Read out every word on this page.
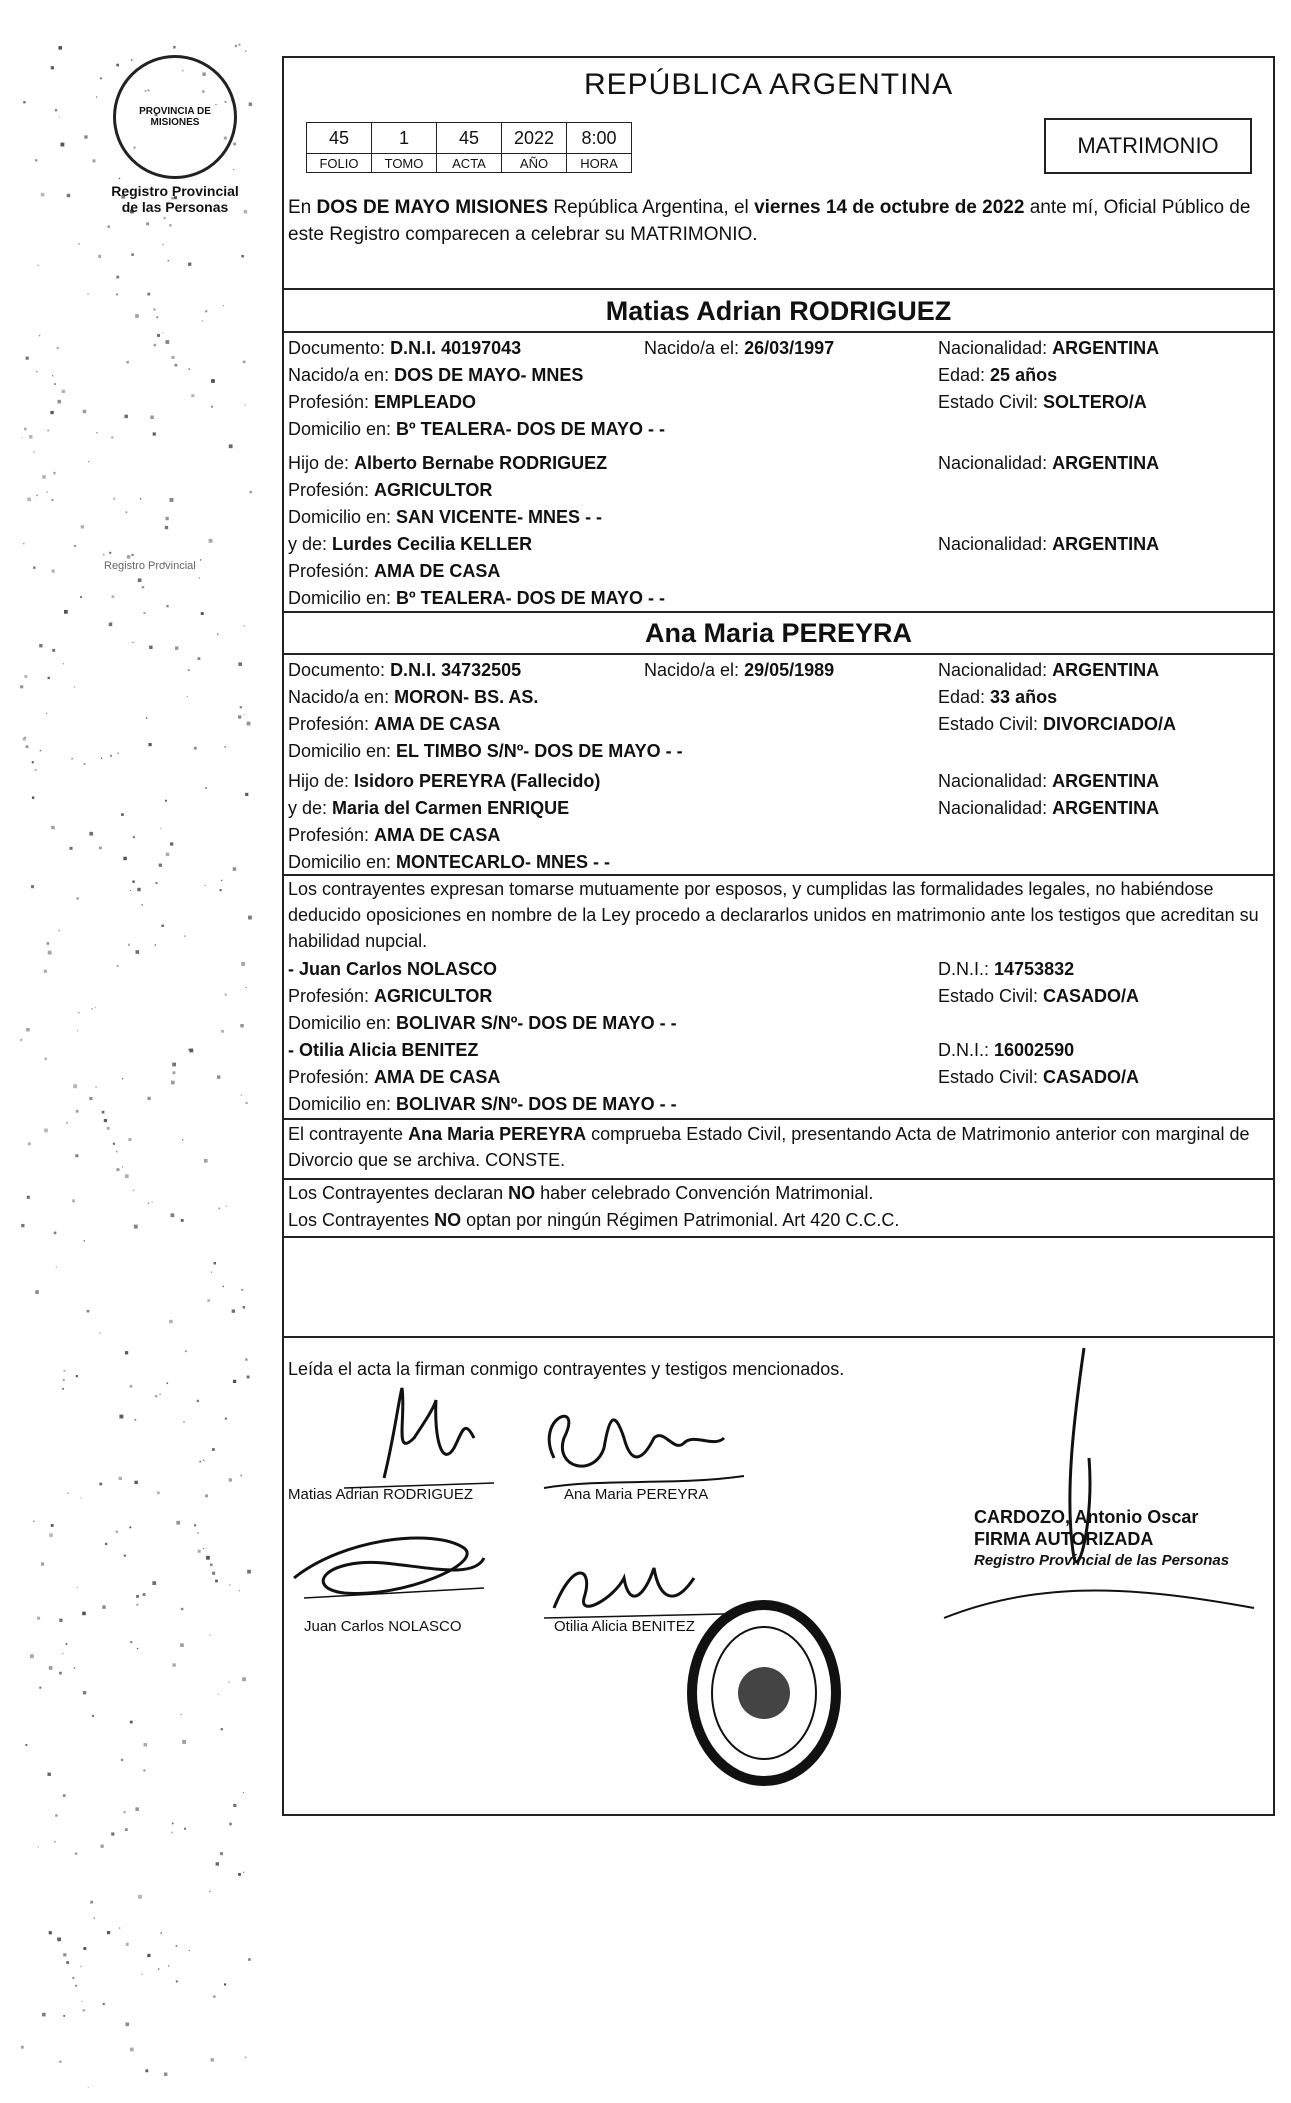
PROVINCIA DE MISIONES
Registro Provincial de las Personas
Registro Provincial
REPÚBLICA ARGENTINA
45	1	45	2022	8:00
FOLIO	TOMO	ACTA	AÑO	HORA
MATRIMONIO
En DOS DE MAYO MISIONES República Argentina, el viernes 14 de octubre de 2022 ante mí, Oficial Público de este Registro comparecen a celebrar su MATRIMONIO.
Matias Adrian RODRIGUEZ
Documento: D.N.I. 40197043	Nacido/a el: 26/03/1997	Nacionalidad: ARGENTINA
Nacido/a en: DOS DE MAYO- MNES	Edad: 25 años
Profesión: EMPLEADO	Estado Civil: SOLTERO/A
Domicilio en: Bº TEALERA- DOS DE MAYO - -
Hijo de: Alberto Bernabe RODRIGUEZ	Nacionalidad: ARGENTINA
Profesión: AGRICULTOR
Domicilio en: SAN VICENTE- MNES - -
y de: Lurdes Cecilia KELLER	Nacionalidad: ARGENTINA
Profesión: AMA DE CASA
Domicilio en: Bº TEALERA- DOS DE MAYO - -
Ana Maria PEREYRA
Documento: D.N.I. 34732505	Nacido/a el: 29/05/1989	Nacionalidad: ARGENTINA
Nacido/a en: MORON- BS. AS.	Edad: 33 años
Profesión: AMA DE CASA	Estado Civil: DIVORCIADO/A
Domicilio en: EL TIMBO S/Nº- DOS DE MAYO - -
Hijo de: Isidoro PEREYRA (Fallecido)	Nacionalidad: ARGENTINA
y de: Maria del Carmen ENRIQUE	Nacionalidad: ARGENTINA
Profesión: AMA DE CASA
Domicilio en: MONTECARLO- MNES - -
Los contrayentes expresan tomarse mutuamente por esposos, y cumplidas las formalidades legales, no habiéndose deducido oposiciones en nombre de la Ley procedo a declararlos unidos en matrimonio ante los testigos que acreditan su habilidad nupcial.
- Juan Carlos NOLASCO	D.N.I.: 14753832
Profesión: AGRICULTOR	Estado Civil: CASADO/A
Domicilio en: BOLIVAR S/Nº- DOS DE MAYO - -
- Otilia Alicia BENITEZ	D.N.I.: 16002590
Profesión: AMA DE CASA	Estado Civil: CASADO/A
Domicilio en: BOLIVAR S/Nº- DOS DE MAYO - -
El contrayente Ana Maria PEREYRA comprueba Estado Civil, presentando Acta de Matrimonio anterior con marginal de Divorcio que se archiva. CONSTE.
Los Contrayentes declaran NO haber celebrado Convención Matrimonial.
Los Contrayentes NO optan por ningún Régimen Patrimonial. Art 420 C.C.C.
Leída el acta la firman conmigo contrayentes y testigos mencionados.
Matias Adrian RODRIGUEZ	Ana Maria PEREYRA
Juan Carlos NOLASCO	Otilia Alicia BENITEZ
CARDOZO, Antonio Oscar
FIRMA AUTORIZADA
Registro Provincial de las Personas
